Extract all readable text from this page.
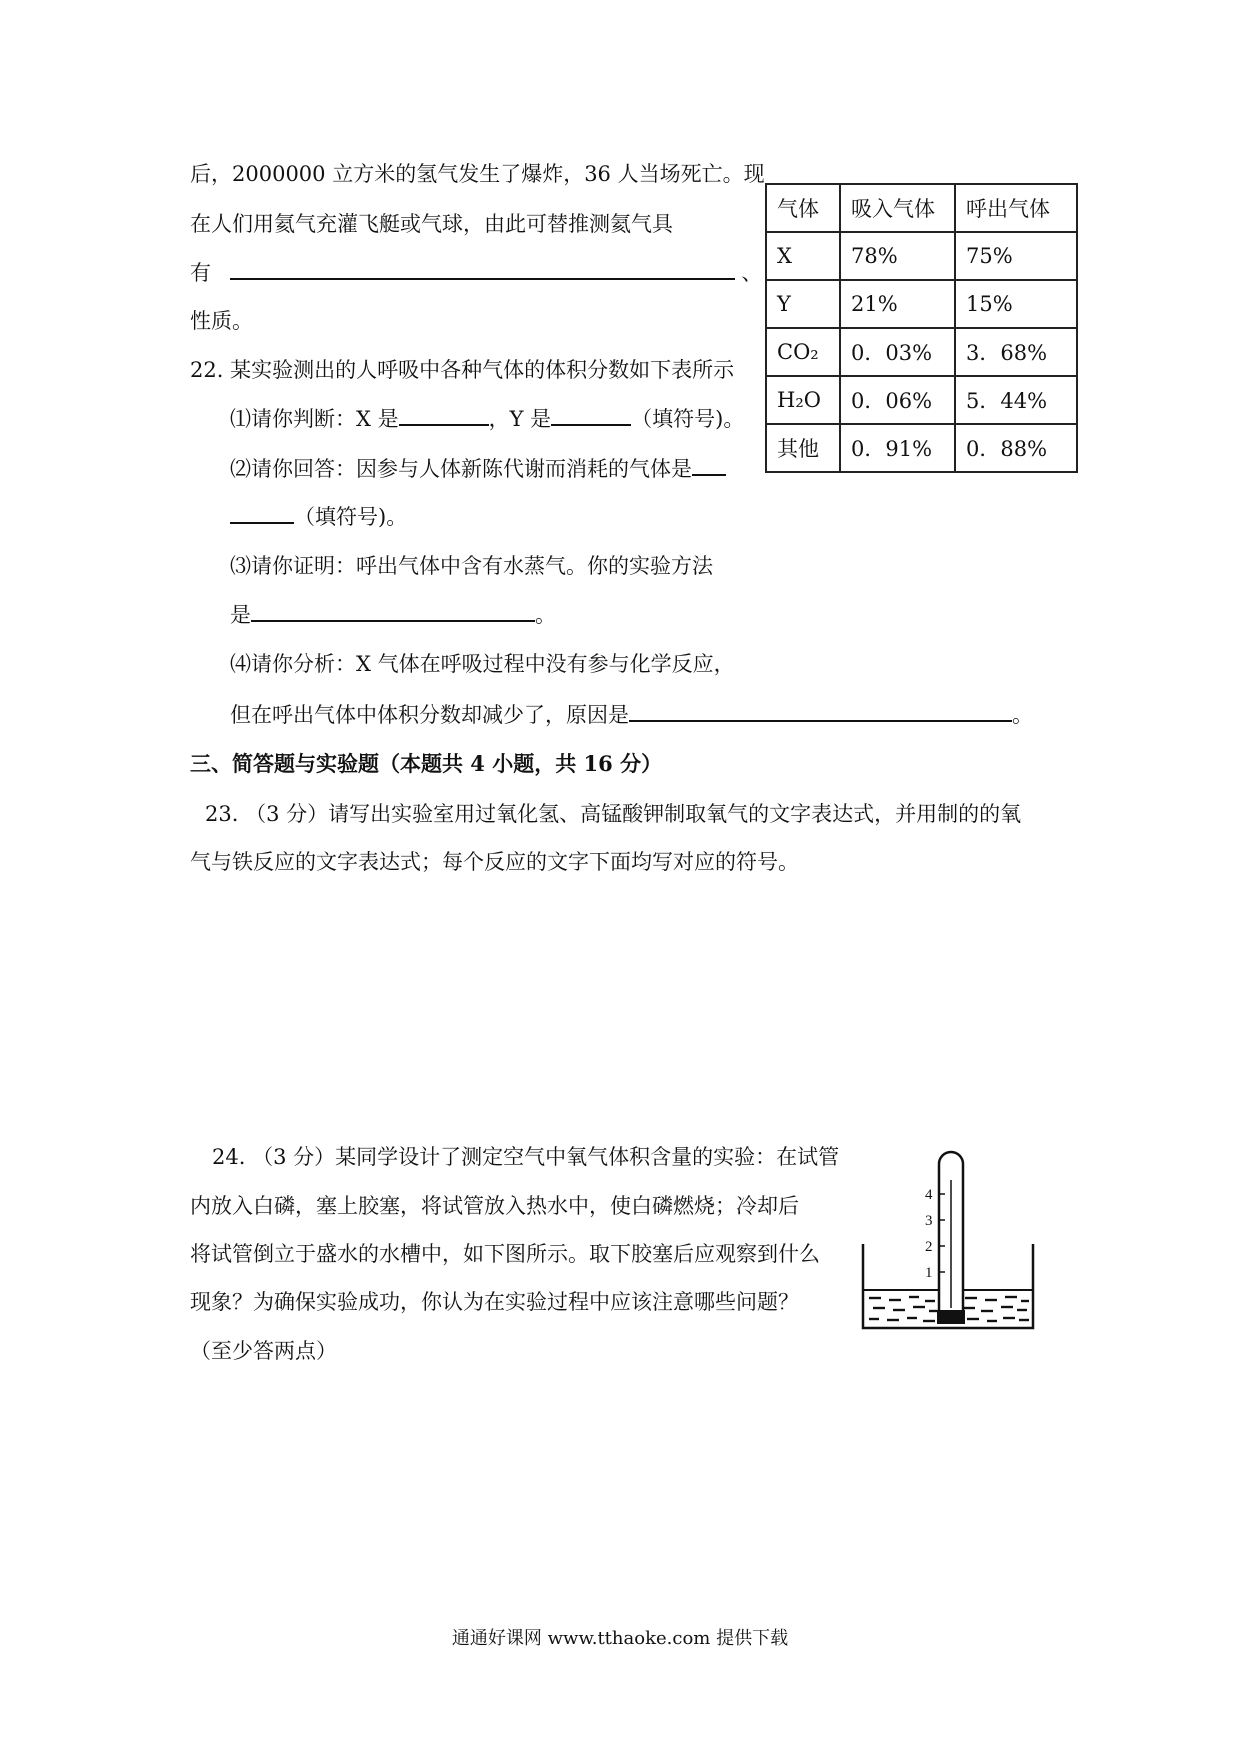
后，2000000 立方米的氢气发生了爆炸，36 人当场死亡。现
在人们用氦气充灌飞艇或气球，由此可替推测氦气具
有	、
性质。
22. 某实验测出的人呼吸中各种气体的体积分数如下表所示
⑴请你判断：X 是	，Y 是	（填符号)。
⑵请你回答：因参与人体新陈代谢而消耗的气体是
（填符号)。
⑶请你证明：呼出气体中含有水蒸气。你的实验方法
是	。
⑷请你分析：X 气体在呼吸过程中没有参与化学反应，
但在呼出气体中体积分数却减少了，原因是	。
气体	吸入气体	呼出气体
X	78%	75%
Y	21%	15%
CO₂	0．03%	3．68%
H₂O	0．06%	5．44%
其他	0．91%	0．88%
三、简答题与实验题（本题共 4 小题，共 16 分）
23. （3 分）请写出实验室用过氧化氢、高锰酸钾制取氧气的文字表达式，并用制的的氧
气与铁反应的文字表达式；每个反应的文字下面均写对应的符号。
24. （3 分）某同学设计了测定空气中氧气体积含量的实验：在试管
内放入白磷，塞上胶塞，将试管放入热水中，使白磷燃烧；冷却后
将试管倒立于盛水的水槽中，如下图所示。取下胶塞后应观察到什么
现象？为确保实验成功，你认为在实验过程中应该注意哪些问题？
（至少答两点）
4
3
2
1
通通好课网 www.tthaoke.com 提供下载
